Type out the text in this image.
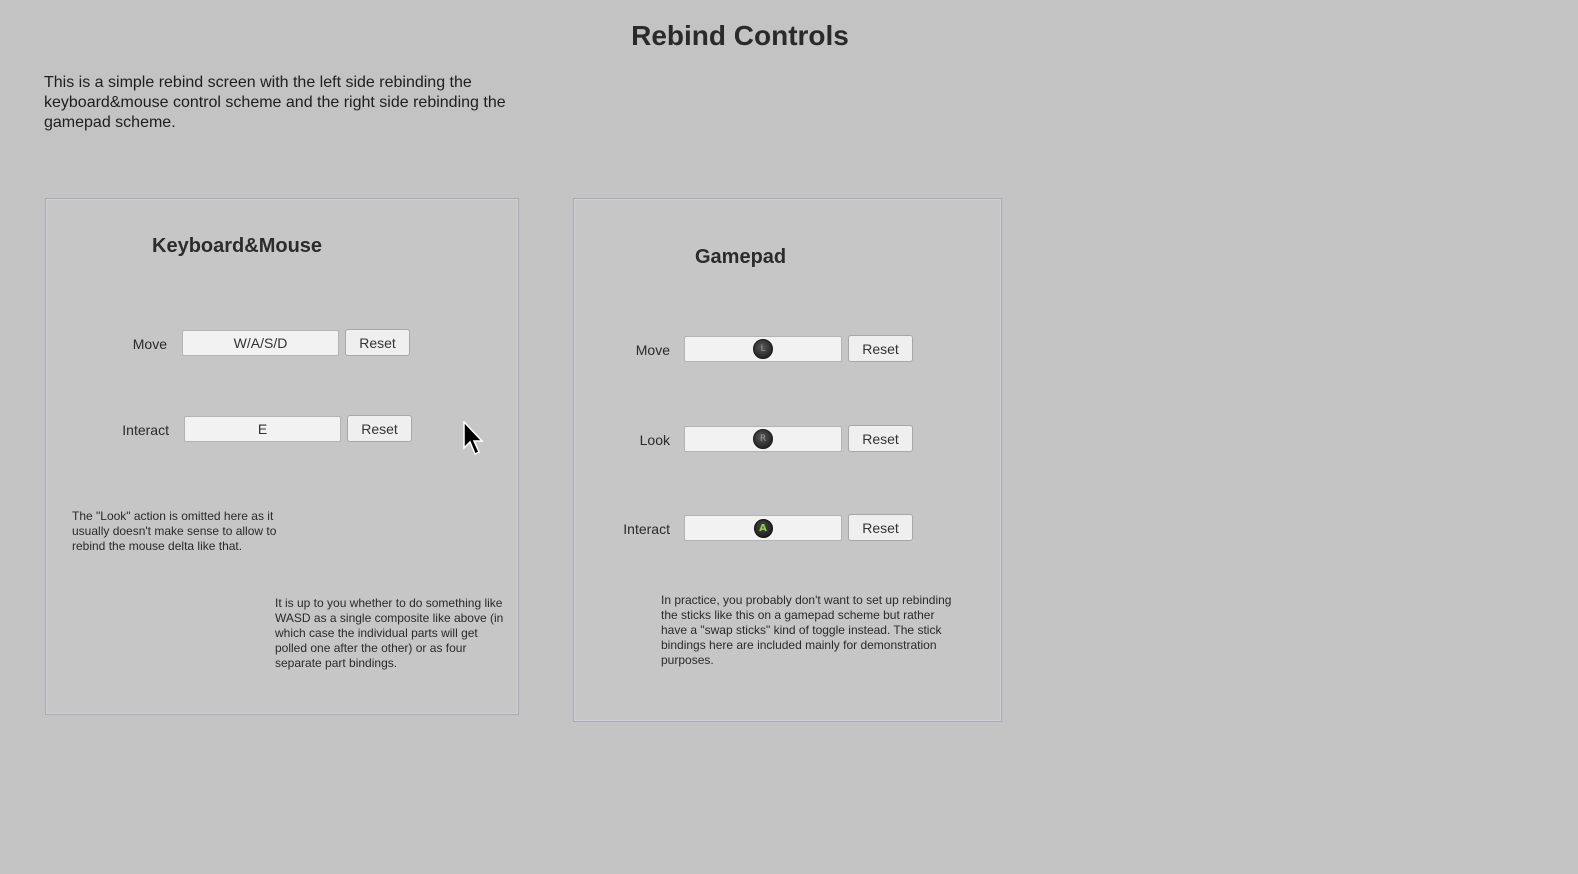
Rebind Controls
This is a simple rebind screen with the left side rebinding the keyboard&mouse control scheme and the right side rebinding the gamepad scheme.
Keyboard&Mouse
Move	W/A/S/D	Reset
Interact	E	Reset
The "Look" action is omitted here as it usually doesn't make sense to allow to rebind the mouse delta like that.
It is up to you whether to do something like WASD as a single composite like above (in which case the individual parts will get polled one after the other) or as four separate part bindings.
Gamepad
Move	L	Reset
Look	R	Reset
Interact	A	Reset
In practice, you probably don't want to set up rebinding the sticks like this on a gamepad scheme but rather have a "swap sticks" kind of toggle instead. The stick bindings here are included mainly for demonstration purposes.
